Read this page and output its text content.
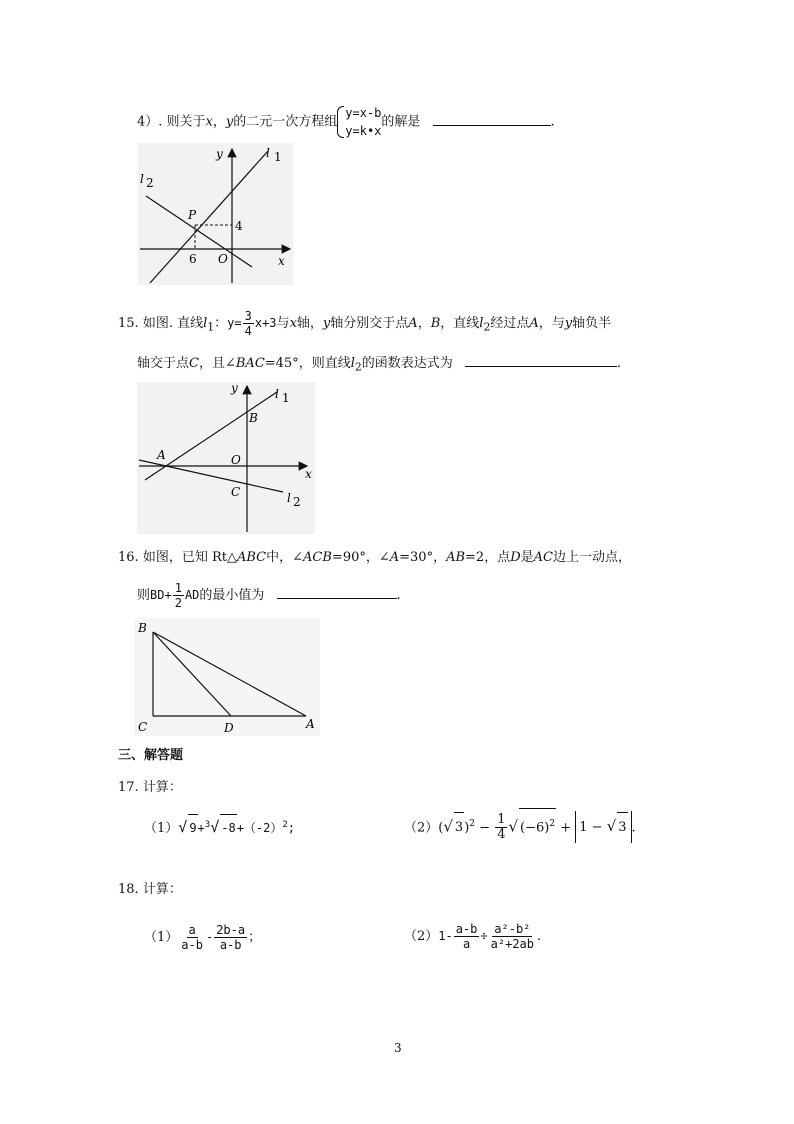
4）. 则关于x，y的二元一次方程组
y=x-b
y=k•x
的解是	.
y	l 1
l 2
P
4
6 O	x
15. 如图. 直线$l_1$：$y= \frac{3}{4} x+3$与x轴，y轴分别交于点A，B，直线$l_2$经过点A，与y轴负半
轴交于点C，且∠BAC=45°，则直线$l_2$的函数表达式为	.
y	l 1
B
A	O
x
C	l 2
16. 如图，已知 Rt△ABC中，∠ACB=90°，∠A=30°，AB=2，点D是AC边上一动点，
则$BD+ \frac{1}{2}$ AD的最小值为	.
B
C	D	A
三、解答题
17. 计算：
（1）√ 9+$^3$√ $-8+(-2)^2$;	（2）(√ $3)^2 - \frac{1}{4}$ √ $(-6)^2 + 1$ − √ 3 .
18. 计算：
$(1) \frac{a}{a-b} - \frac{2b-a}{a-b}$ ；	$(2)1- \frac{a-b}{a} \div \frac{\text{a²-b²}}{\text{a²+2ab}}$ .
3
